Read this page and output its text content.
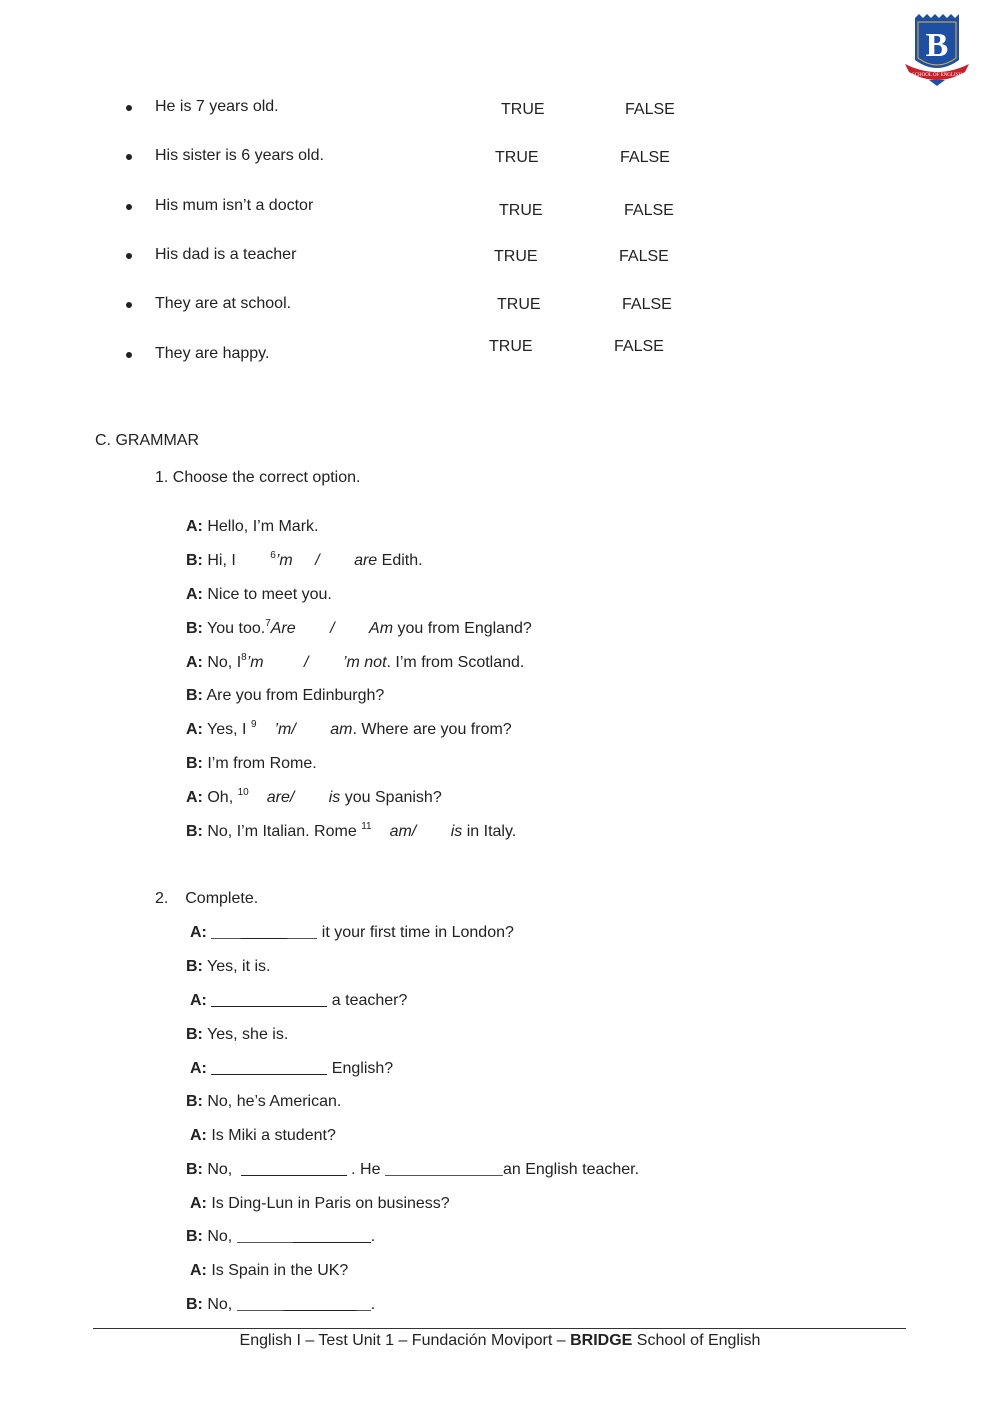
B
SCHOOL OF ENGLISH
He is 7 years old.	TRUE	FALSE
His sister is 6 years old.	TRUE	FALSE
His mum isn’t a doctor	TRUE	FALSE
His dad is a teacher	TRUE	FALSE
They are at school.	TRUE	FALSE
They are happy.	TRUE	FALSE
C. GRAMMAR
1. Choose the correct option.
A: Hello, I’m Mark.
B: Hi, I	$^6$’m / are Edith.
A: Nice to meet you.
B: You too.$^7$Are / Am you from England?
A: No, $I^8’m$	/ ’m not. I’m from Scotland.
B: Are you from Edinburgh?
A: Yes, I $^9$ ’m/ am. Where are you from?
B: I’m from Rome.
A: Oh, $^{10}$ are/ is you Spanish?
B: No, I’m Italian. Rome $^{11}$ am/ is in Italy.
2. Complete.
A:	it your first time in London?
B: Yes, it is.
A:	a teacher?
B: Yes, she is.
A:	English?
B: No, he’s American.
A: Is Miki a student?
B: No,	. He	an English teacher.
A: Is Ding-Lun in Paris on business?
B: No,	.
A: Is Spain in the UK?
B: No,	.
English I – Test Unit 1 – Fundación Moviport – BRIDGE School of English
